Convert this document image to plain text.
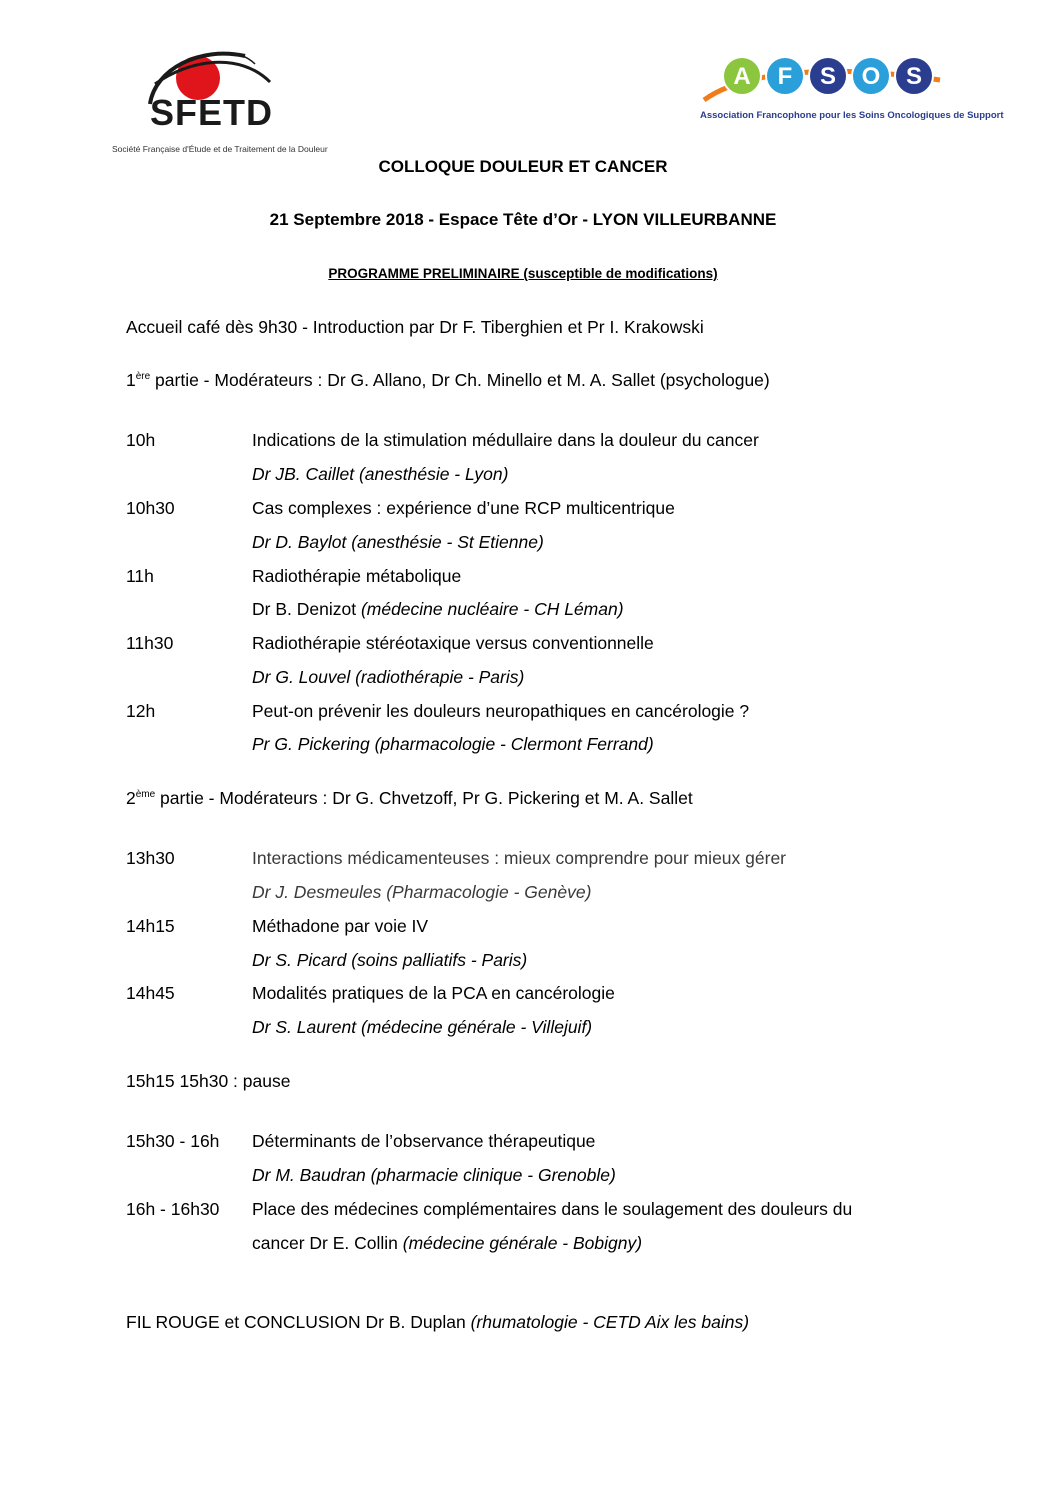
SFETD
Société Française d'Étude et de Traitement de la Douleur
A F S O S
Association Francophone pour les Soins Oncologiques de Support
COLLOQUE DOULEUR ET CANCER
21 Septembre 2018 - Espace Tête d’Or - LYON VILLEURBANNE
PROGRAMME PRELIMINAIRE (susceptible de modifications)
Accueil café dès 9h30 - Introduction par Dr F. Tiberghien et Pr I. Krakowski
1ère partie - Modérateurs : Dr G. Allano, Dr Ch. Minello et M. A. Sallet (psychologue)
10h	Indications de la stimulation médullaire dans la douleur du cancer
Dr JB. Caillet (anesthésie - Lyon)
10h30	Cas complexes : expérience d’une RCP multicentrique
Dr D. Baylot (anesthésie - St Etienne)
11h	Radiothérapie métabolique
Dr B. Denizot (médecine nucléaire - CH Léman)
11h30	Radiothérapie stéréotaxique versus conventionnelle
Dr G. Louvel (radiothérapie - Paris)
12h	Peut-on prévenir les douleurs neuropathiques en cancérologie ?
Pr G. Pickering (pharmacologie - Clermont Ferrand)
2ème partie - Modérateurs : Dr G. Chvetzoff, Pr G. Pickering et M. A. Sallet
13h30	Interactions médicamenteuses : mieux comprendre pour mieux gérer
Dr J. Desmeules (Pharmacologie - Genève)
14h15	Méthadone par voie IV
Dr S. Picard (soins palliatifs - Paris)
14h45	Modalités pratiques de la PCA en cancérologie
Dr S. Laurent (médecine générale - Villejuif)
15h15 15h30 : pause
15h30 - 16h Déterminants de l’observance thérapeutique
Dr M. Baudran (pharmacie clinique - Grenoble)
16h - 16h30 Place des médecines complémentaires dans le soulagement des douleurs du
cancer Dr E. Collin (médecine générale - Bobigny)
FIL ROUGE et CONCLUSION Dr B. Duplan (rhumatologie - CETD Aix les bains)
